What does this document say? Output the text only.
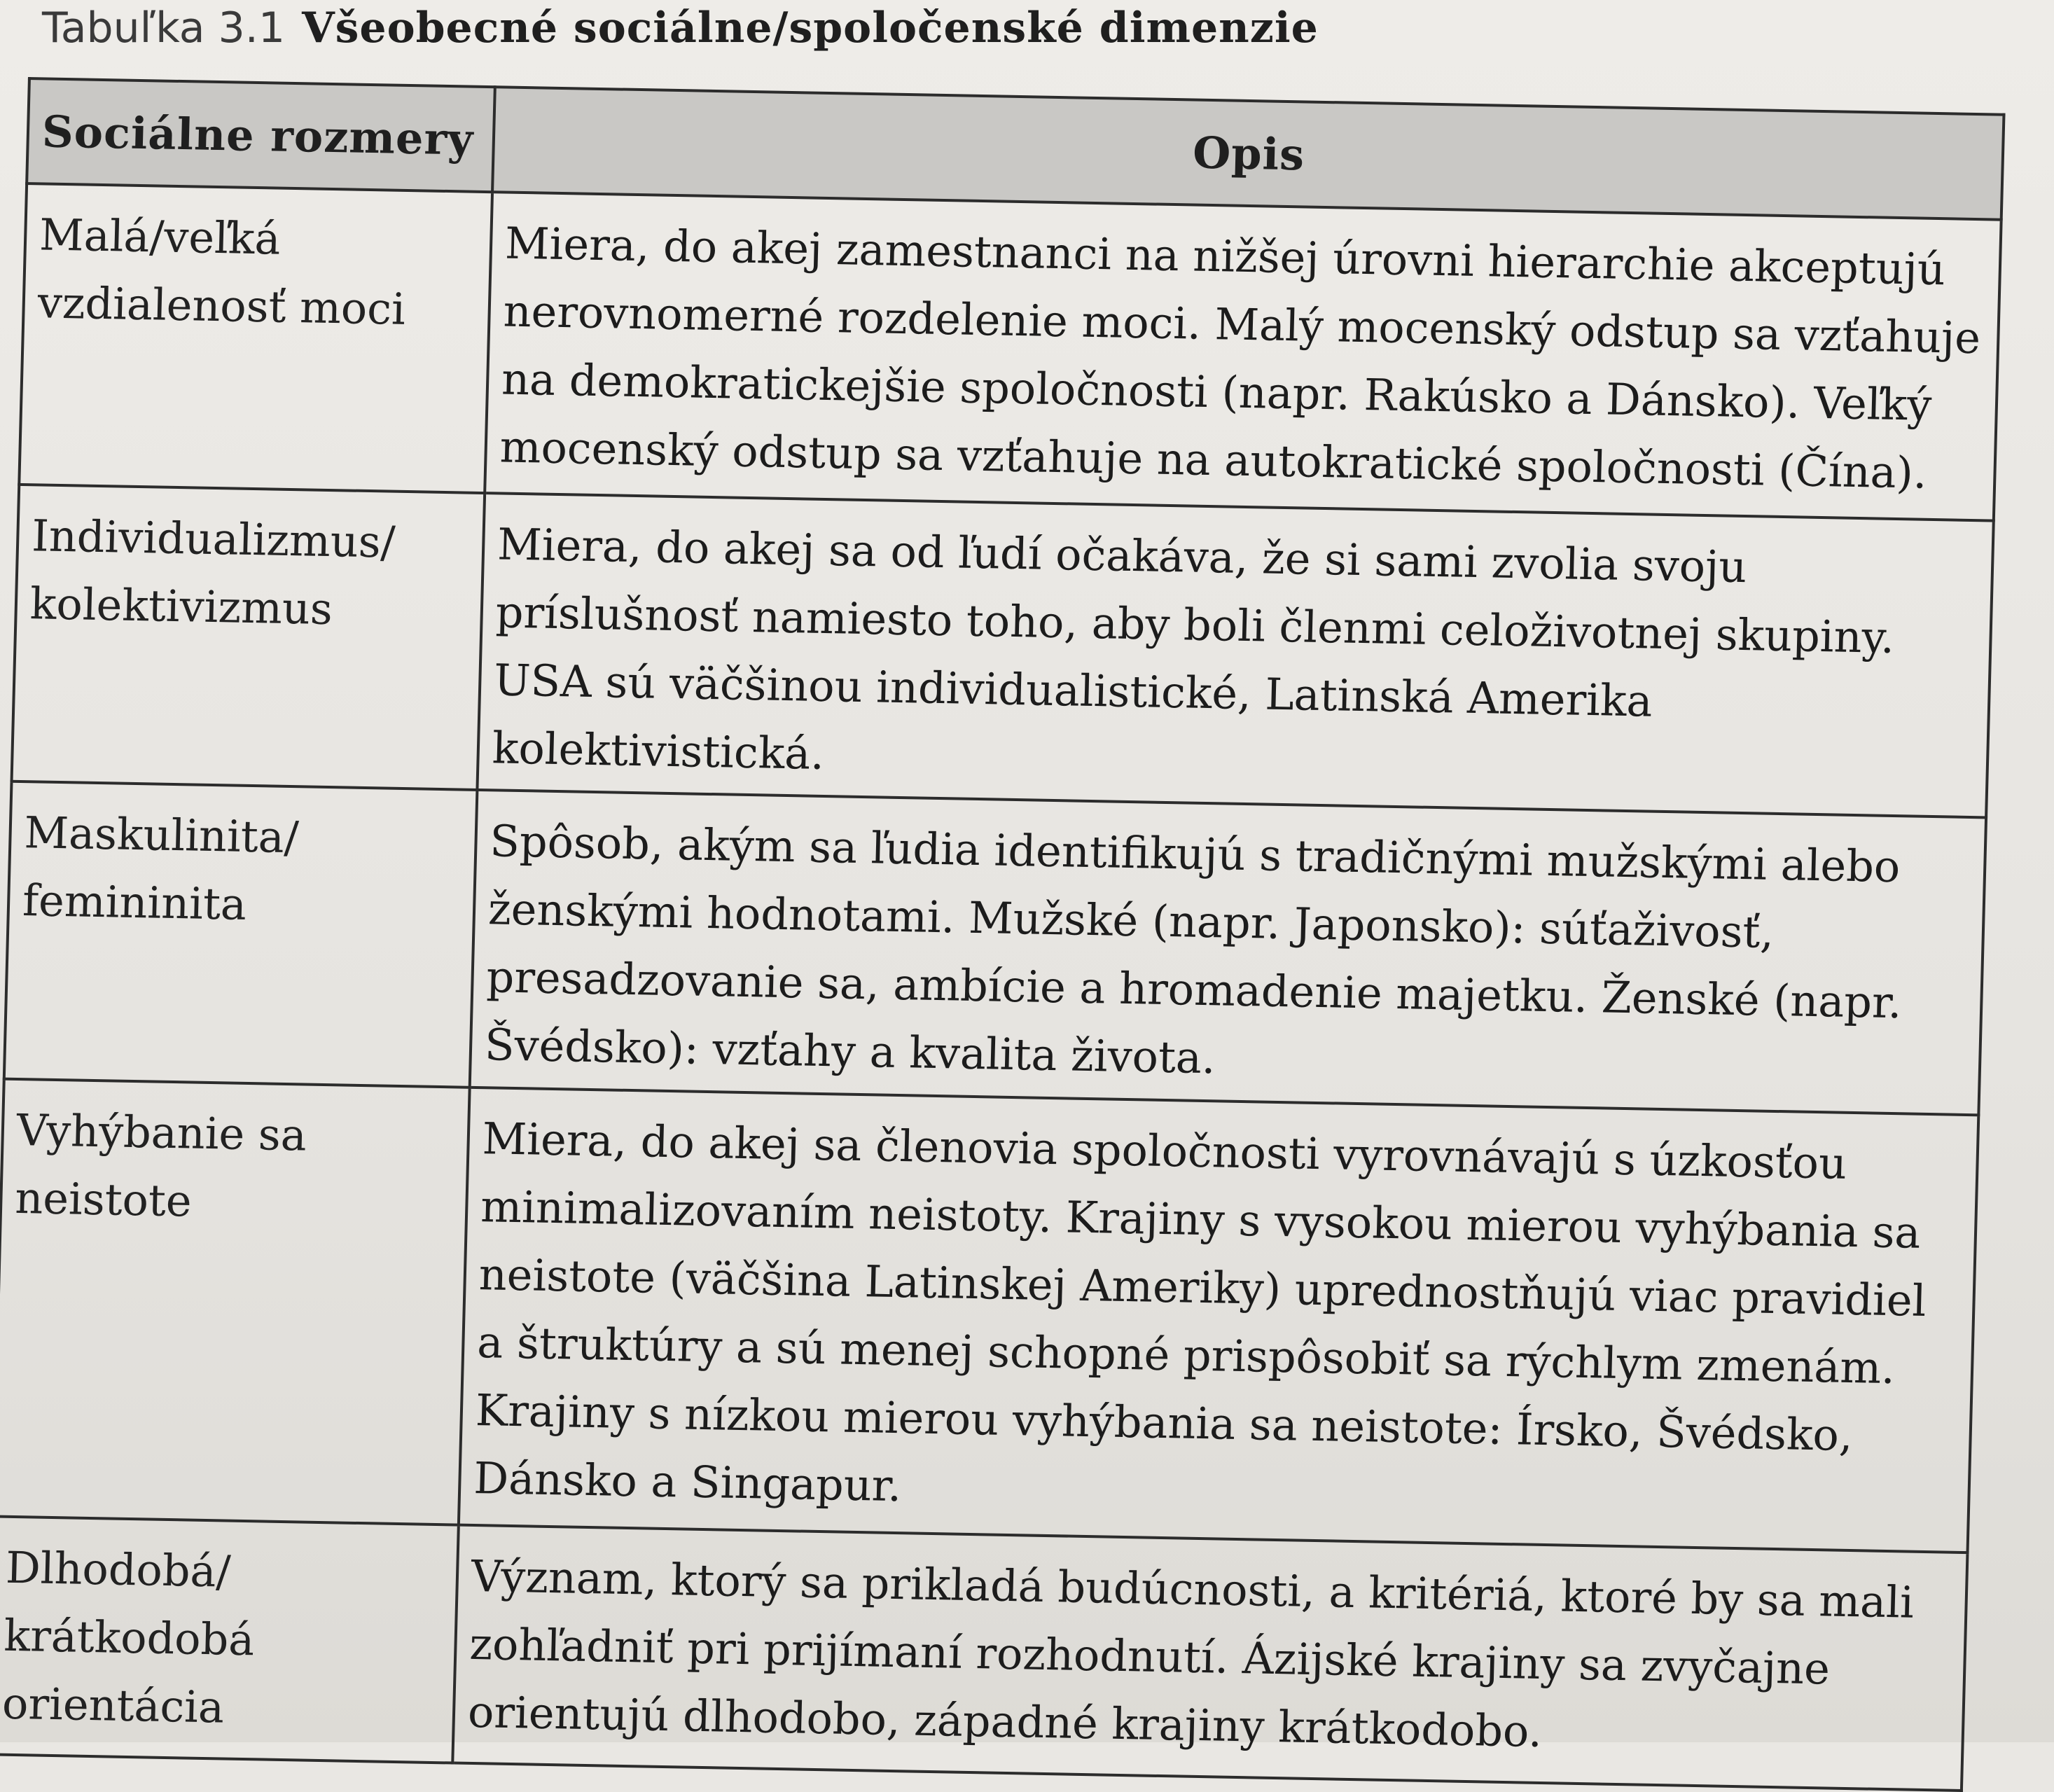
Tabuľka 3.1 Všeobecné sociálne/spoločenské dimenzie
Sociálne rozmery	Opis
Malá/veľká vzdialenosť moci	Miera, do akej zamestnanci na nižšej úrovni hierarchie akceptujú nerovnomerné rozdelenie moci. Malý mocenský odstup sa vzťahuje na demokratickejšie spoločnosti (napr. Rakúsko a Dánsko). Veľký mocenský odstup sa vzťahuje na autokratické spoločnosti (Čína).
Individualizmus/ kolektivizmus	Miera, do akej sa od ľudí očakáva, že si sami zvolia svoju príslušnosť namiesto toho, aby boli členmi celoživotnej skupiny. USA sú väčšinou individualistické, Latinská Amerika kolektivistická.
Maskulinita/ femininita	Spôsob, akým sa ľudia identifikujú s tradičnými mužskými alebo ženskými hodnotami. Mužské (napr. Japonsko): súťaživosť, presadzovanie sa, ambície a hromadenie majetku. Ženské (napr. Švédsko): vzťahy a kvalita života.
Vyhýbanie sa neistote	Miera, do akej sa členovia spoločnosti vyrovnávajú s úzkosťou minimalizovaním neistoty. Krajiny s vysokou mierou vyhýbania sa neistote (väčšina Latinskej Ameriky) uprednostňujú viac pravidiel a štruktúry a sú menej schopné prispôsobiť sa rýchlym zmenám. Krajiny s nízkou mierou vyhýbania sa neistote: Írsko, Švédsko, Dánsko a Singapur.
Dlhodobá/ krátkodobá orientácia	Význam, ktorý sa prikladá budúcnosti, a kritériá, ktoré by sa mali zohľadniť pri prijímaní rozhodnutí. Ázijské krajiny sa zvyčajne orientujú dlhodobo, západné krajiny krátkodobo.
